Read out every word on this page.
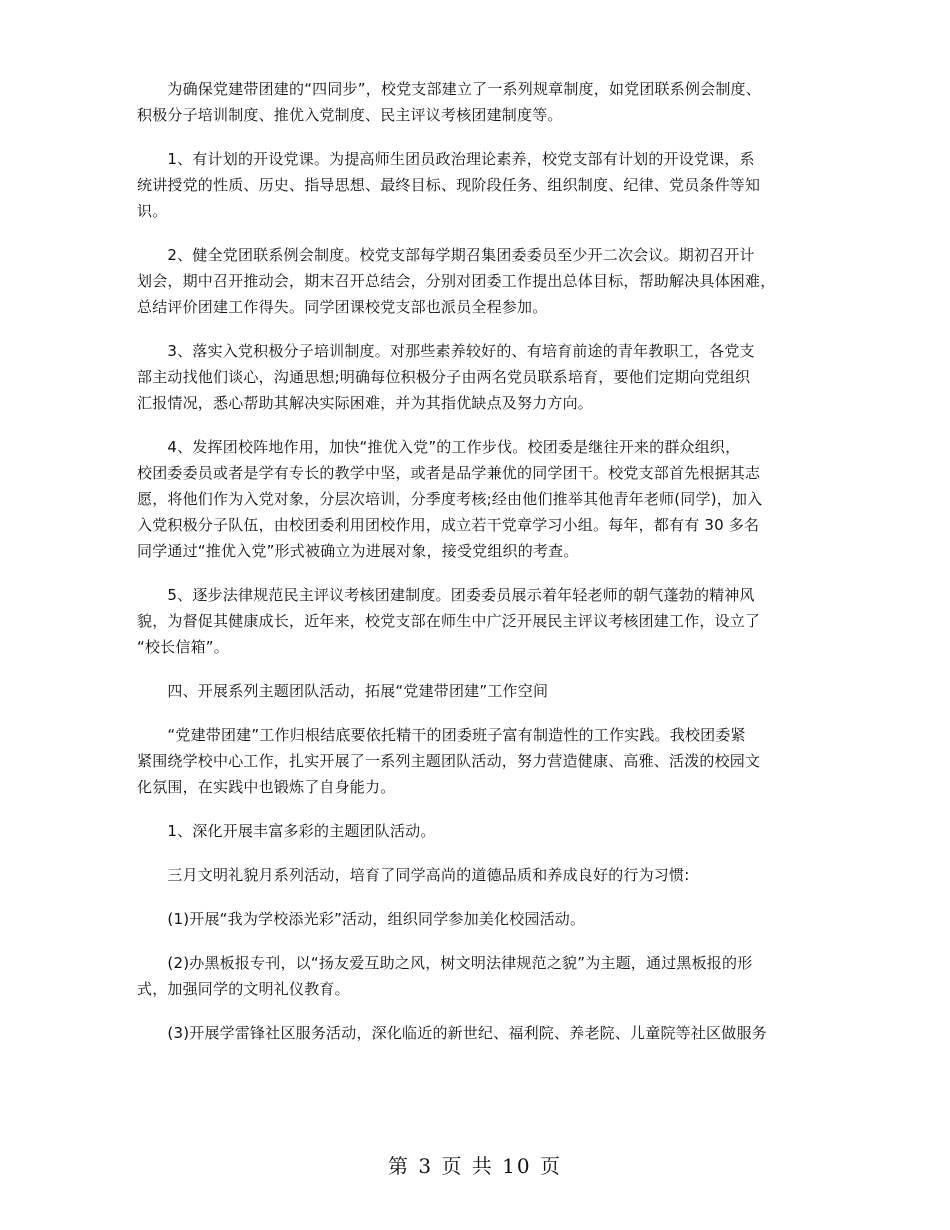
　　为确保党建带团建的“四同步”，校党支部建立了一系列规章制度，如党团联系例会制度、
积极分子培训制度、推优入党制度、民主评议考核团建制度等。

　　1、有计划的开设党课。为提高师生团员政治理论素养，校党支部有计划的开设党课，系
统讲授党的性质、历史、指导思想、最终目标、现阶段任务、组织制度、纪律、党员条件等知
识。

　　2、健全党团联系例会制度。校党支部每学期召集团委委员至少开二次会议。期初召开计
划会，期中召开推动会，期末召开总结会，分别对团委工作提出总体目标，帮助解决具体困难，
总结评价团建工作得失。同学团课校党支部也派员全程参加。

　　3、落实入党积极分子培训制度。对那些素养较好的、有培育前途的青年教职工，各党支
部主动找他们谈心，沟通思想;明确每位积极分子由两名党员联系培育，要他们定期向党组织
汇报情况，悉心帮助其解决实际困难，并为其指优缺点及努力方向。

　　4、发挥团校阵地作用，加快“推优入党”的工作步伐。校团委是继往开来的群众组织，
校团委委员或者是学有专长的教学中坚，或者是品学兼优的同学团干。校党支部首先根据其志
愿，将他们作为入党对象，分层次培训，分季度考核;经由他们推举其他青年老师(同学)，加入
入党积极分子队伍，由校团委利用团校作用，成立若干党章学习小组。每年，都有有 30 多名
同学通过“推优入党”形式被确立为进展对象，接受党组织的考查。

　　5、逐步法律规范民主评议考核团建制度。团委委员展示着年轻老师的朝气蓬勃的精神风
貌，为督促其健康成长，近年来，校党支部在师生中广泛开展民主评议考核团建工作，设立了
“校长信箱”。

　　四、开展系列主题团队活动，拓展“党建带团建”工作空间

　　“党建带团建”工作归根结底要依托精干的团委班子富有制造性的工作实践。我校团委紧
紧围绕学校中心工作，扎实开展了一系列主题团队活动，努力营造健康、高雅、活泼的校园文
化氛围，在实践中也锻炼了自身能力。

　　1、深化开展丰富多彩的主题团队活动。

　　三月文明礼貌月系列活动，培育了同学高尚的道德品质和养成良好的行为习惯:

　　(1)开展“我为学校添光彩”活动，组织同学参加美化校园活动。

　　(2)办黑板报专刊，以“扬友爱互助之风，树文明法律规范之貌”为主题，通过黑板报的形
式，加强同学的文明礼仪教育。

　　(3)开展学雷锋社区服务活动，深化临近的新世纪、福利院、养老院、儿童院等社区做服务

第 3 页 共 10 页
